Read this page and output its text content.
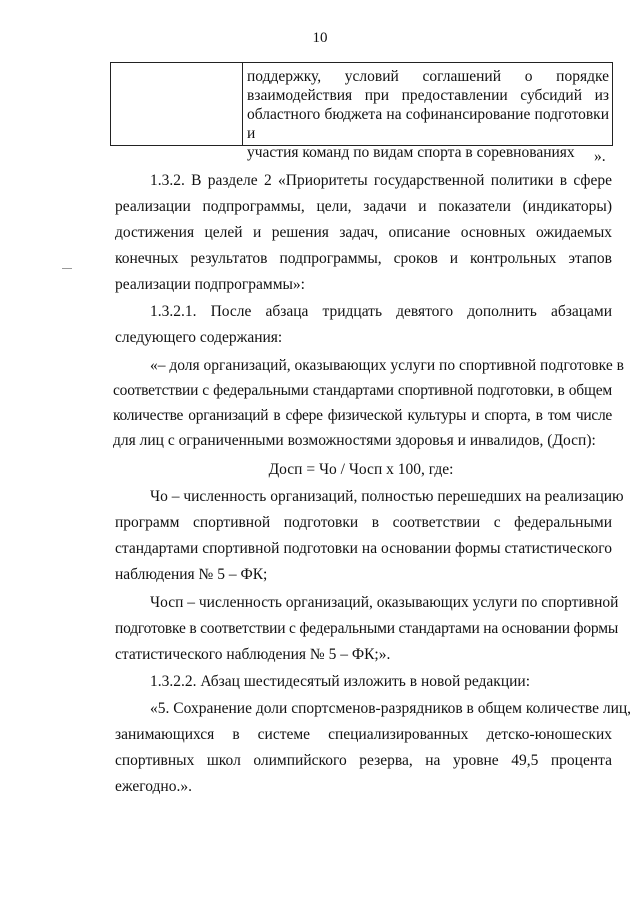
10
поддержку, условий соглашений о порядке
взаимодействия при предоставлении субсидий из
областного бюджета на софинансирование подготовки и
участия команд по видам спорта в соревнованиях	».
1.3.2. В разделе 2 «Приоритеты государственной политики в сфере
реализации подпрограммы, цели, задачи и показатели (индикаторы)
достижения целей и решения задач, описание основных ожидаемых
конечных результатов подпрограммы, сроков и контрольных этапов
реализации подпрограммы»:
1.3.2.1. После абзаца тридцать девятого дополнить абзацами
следующего содержания:
«– доля организаций, оказывающих услуги по спортивной подготовке в
соответствии с федеральными стандартами спортивной подготовки, в общем
количестве организаций в сфере физической культуры и спорта, в том числе
для лиц с ограниченными возможностями здоровья и инвалидов, (Досп):
Досп = Чо / Чосп х 100, где:
Чо – численность организаций, полностью перешедших на реализацию
программ спортивной подготовки в соответствии с федеральными
стандартами спортивной подготовки на основании формы статистического
наблюдения № 5 – ФК;
Чосп – численность организаций, оказывающих услуги по спортивной
подготовке в соответствии с федеральными стандартами на основании формы
статистического наблюдения № 5 – ФК;».
1.3.2.2. Абзац шестидесятый изложить в новой редакции:
«5. Сохранение доли спортсменов-разрядников в общем количестве лиц,
занимающихся в системе специализированных детско-юношеских
спортивных школ олимпийского резерва, на уровне 49,5 процента
ежегодно.».
